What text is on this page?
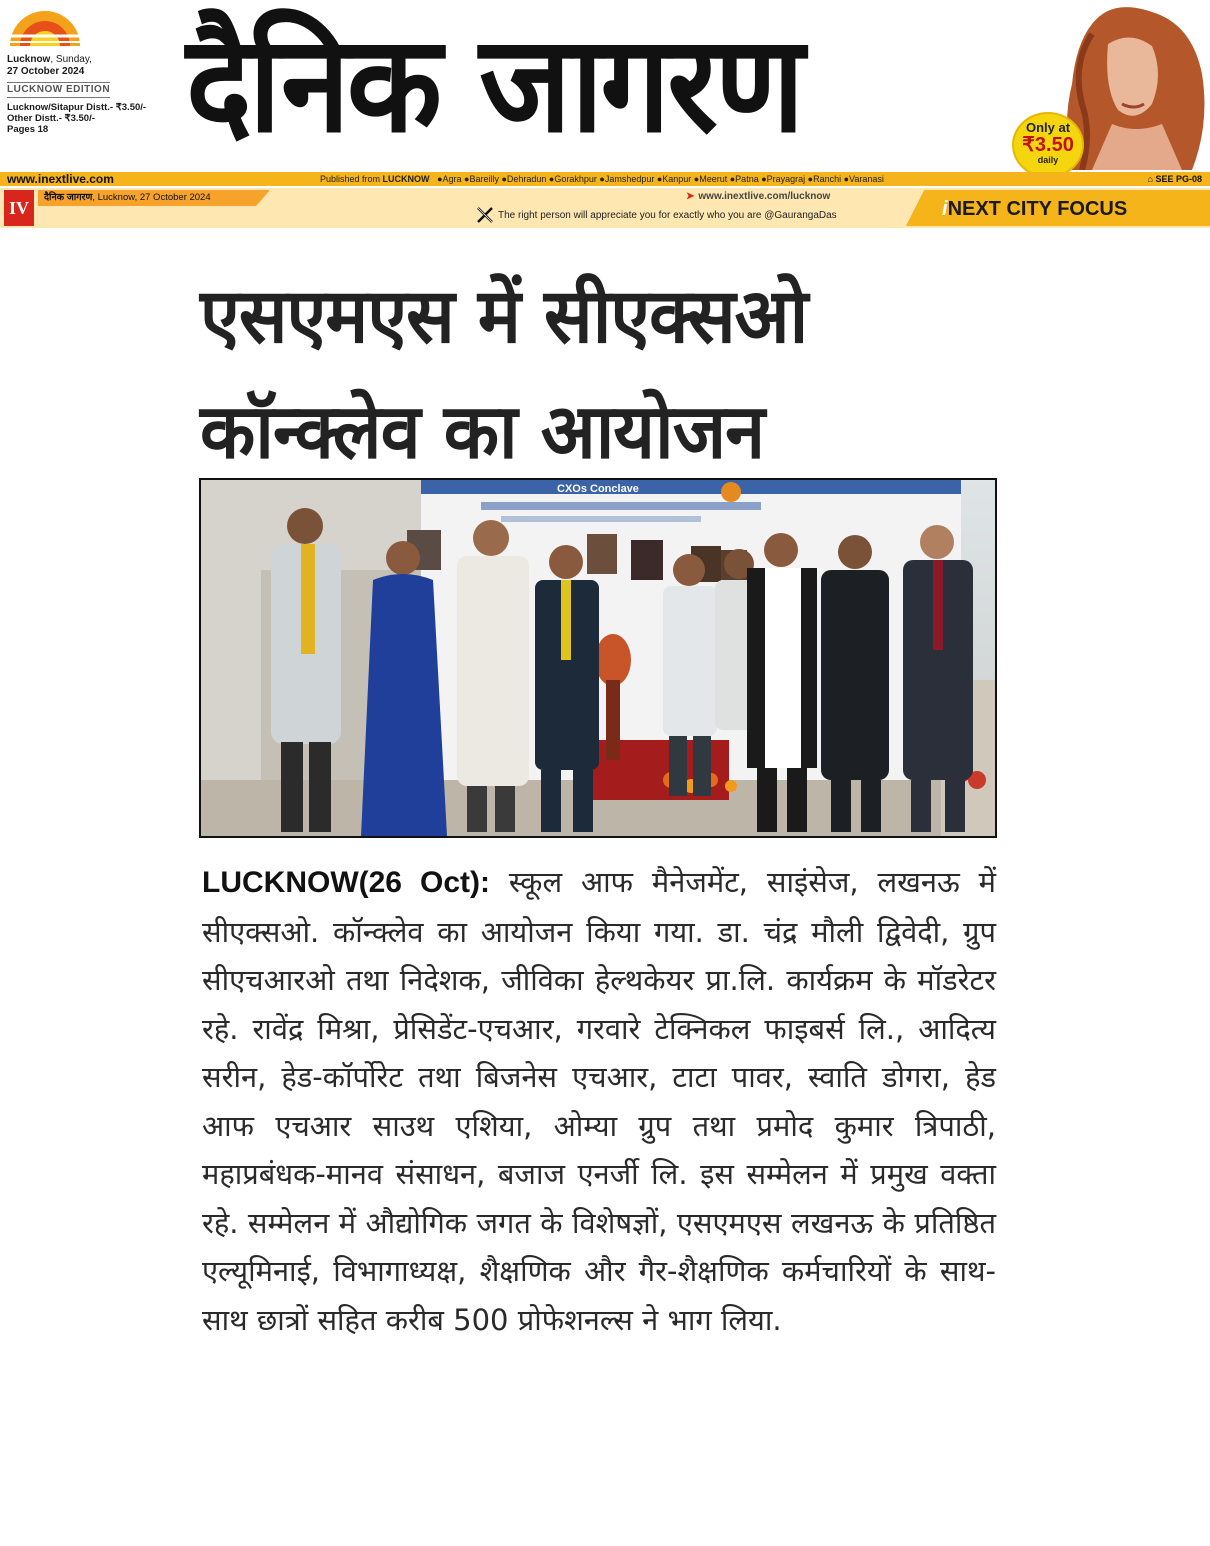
Lucknow, Sunday,
27 October 2024
LUCKNOW EDITION
Lucknow/Sitapur Distt.- ₹3.50/-
Other Distt.- ₹3.50/-
Pages 18	दैनिक जागरण	Only at
₹3.50
daily
www.inextlive.com	Published from LUCKNOW ●Agra ●Bareilly ●Dehradun ●Gorakhpur ●Jamshedpur ●Kanpur ●Meerut ●Patna ●Prayagraj ●Ranchi ●Varanasi	⌂ SEE PG-08
IV
दैनिक जागरण, Lucknow, 27 October 2024	➤ www.inextlive.com/lucknow
The right person will appreciate you for exactly who you are @GaurangaDas	iNEXT CITY FOCUS
एसएमएस में सीएक्सओ
कॉन्क्लेव का आयोजन
CXOs Conclave
LUCKNOW(26 Oct): स्कूल आफ मैनेजमेंट, साइंसेज, लखनऊ में सीएक्सओ. कॉन्क्लेव का आयोजन किया गया. डा. चंद्र मौली द्विवेदी, ग्रुप सीएचआरओ तथा निदेशक, जीविका हेल्थकेयर प्रा.लि. कार्यक्रम के मॉडरेटर रहे. रावेंद्र मिश्रा, प्रेसिडेंट-एचआर, गरवारे टेक्निकल फाइबर्स लि., आदित्य सरीन, हेड-कॉर्पोरेट तथा बिजनेस एचआर, टाटा पावर, स्वाति डोगरा, हेड आफ एचआर साउथ एशिया, ओम्या ग्रुप तथा प्रमोद कुमार त्रिपाठी, महाप्रबंधक-मानव संसाधन, बजाज एनर्जी लि. इस सम्मेलन में प्रमुख वक्ता रहे. सम्मेलन में औद्योगिक जगत के विशेषज्ञों, एसएमएस लखनऊ के प्रतिष्ठित एल्यूमिनाई, विभागाध्यक्ष, शैक्षणिक और गैर-शैक्षणिक कर्मचारियों के साथ-साथ छात्रों सहित करीब 500 प्रोफेशनल्स ने भाग लिया.
